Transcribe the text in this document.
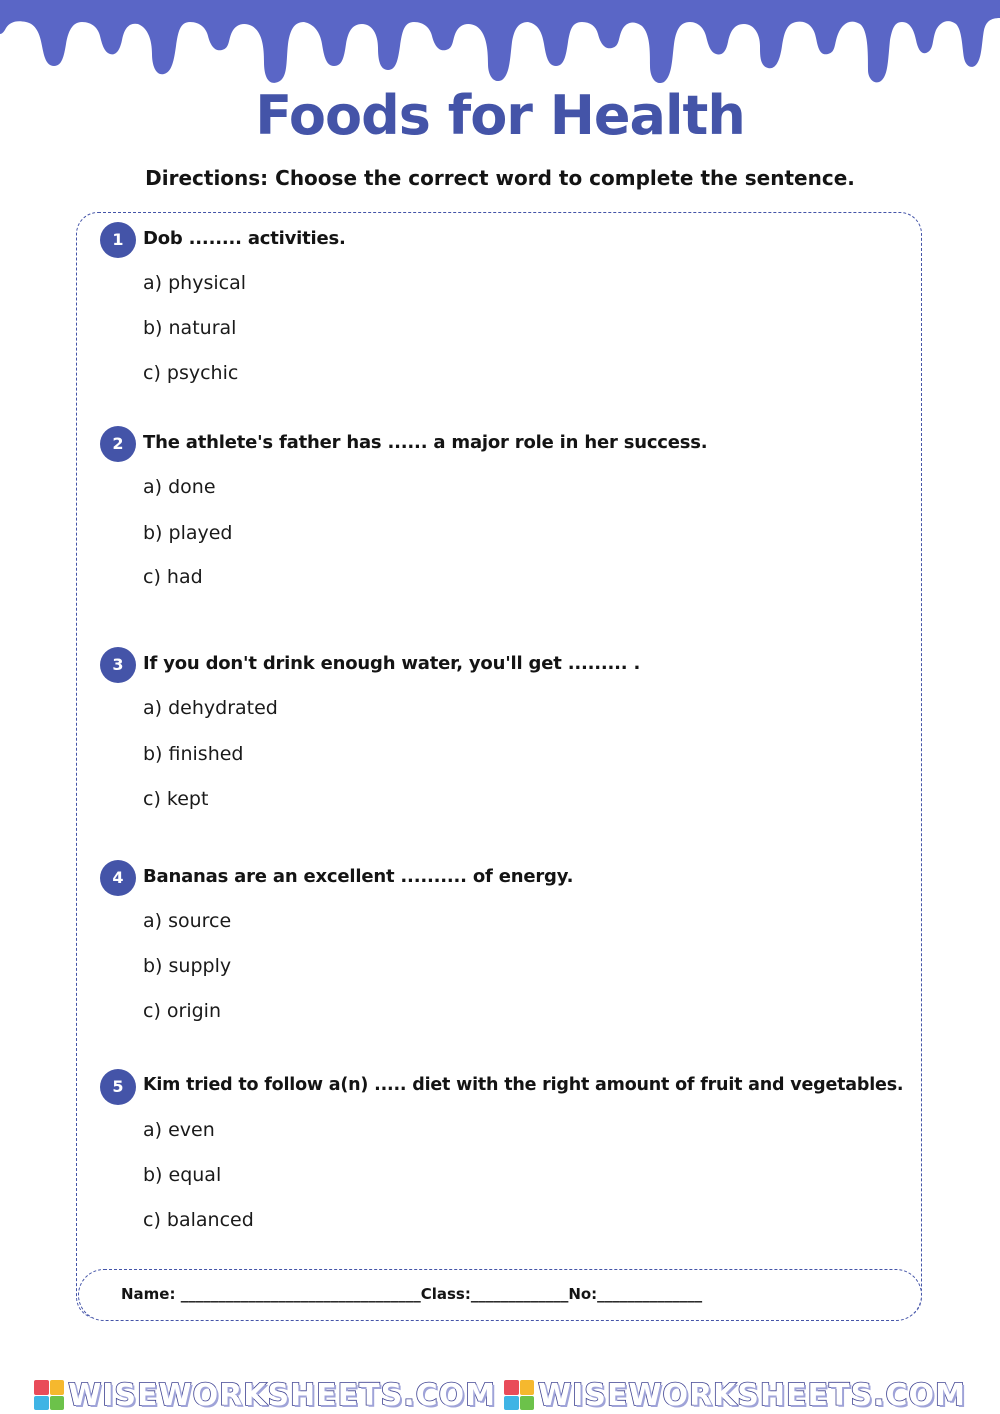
Foods for Health

Directions: Choose the correct word to complete the sentence.

1	Dob ........ activities.
a) physical
b) natural
c) psychic
2	The athlete's father has ...... a major role in her success.
a) done
b) played
c) had
3	If you don't drink enough water, you'll get ......... .
a) dehydrated
b) finished
c) kept
4	Bananas are an excellent .......... of energy.
a) source
b) supply
c) origin
5	Kim tried to follow a(n) ..... diet with the right amount of fruit and vegetables.
a) even
b) equal
c) balanced
Name: ________________________________Class:_____________No:______________
WISEWORKSHEETS.COM WISEWORKSHEETS.COM
